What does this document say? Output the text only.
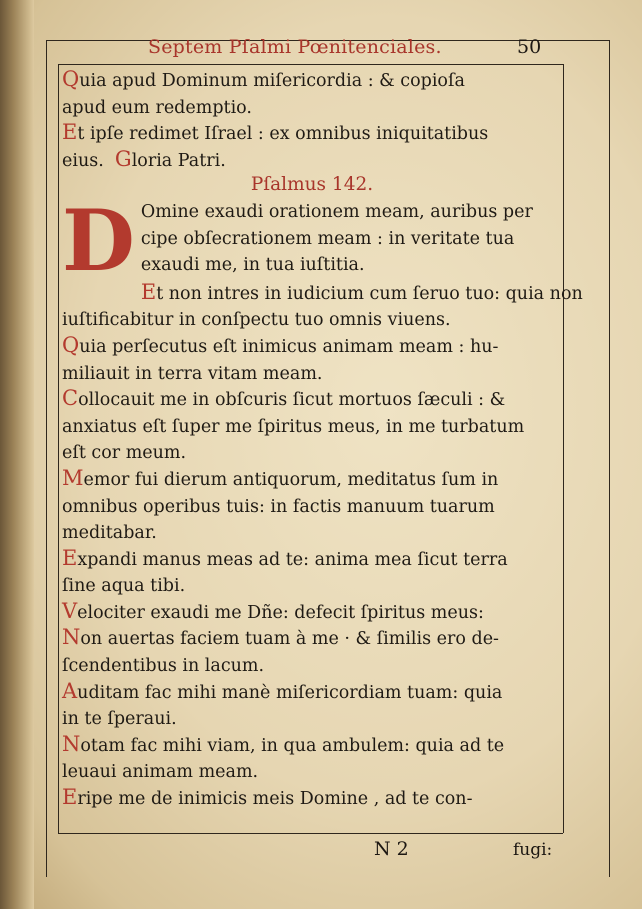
Septem Pſalmi Pœnitenciales.	50
Quia apud Dominum miſericordia : & copioſa
apud eum redemptio.
Et ipſe redimet Iſrael : ex omnibus iniquitatibus
eius. Gloria Patri.
Pſalmus 142.
D Omine exaudi orationem meam, auribus per
cipe obſecrationem meam : in veritate tua
exaudi me, in tua iuſtitia.
Et non intres in iudicium cum ſeruo tuo: quia non
iuſtificabitur in conſpectu tuo omnis viuens.
Quia perſecutus eſt inimicus animam meam : hu-
miliauit in terra vitam meam.
Collocauit me in obſcuris ſicut mortuos ſæculi : &
anxiatus eſt ſuper me ſpiritus meus, in me turbatum
eſt cor meum.
Memor fui dierum antiquorum, meditatus ſum in
omnibus operibus tuis: in factis manuum tuarum
meditabar.
Expandi manus meas ad te: anima mea ſicut terra
ſine aqua tibi.
Velociter exaudi me Dñe: defecit ſpiritus meus:
Non auertas faciem tuam à me · & ſimilis ero de-
ſcendentibus in lacum.
Auditam fac mihi manè miſericordiam tuam: quia
in te ſperaui.
Notam fac mihi viam, in qua ambulem: quia ad te
leuaui animam meam.
Eripe me de inimicis meis Domine , ad te con-
N 2	fugi:
